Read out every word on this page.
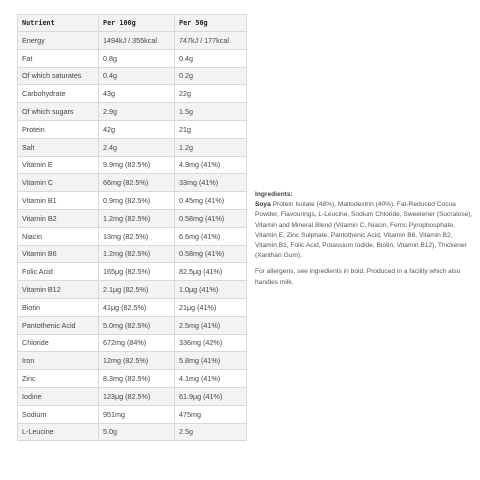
Nutrient	Per 100g	Per 50g
Energy	1494kJ / 355kcal	747kJ / 177kcal
Fat	0.8g	0.4g
Of which saturates	0.4g	0.2g
Carbohydrate	43g	22g
Of which sugars	2.9g	1.5g
Protein	42g	21g
Salt	2.4g	1.2g
Vitamin E	9.9mg (82.5%)	4.9mg (41%)
Vitamin C	66mg (82.5%)	33mg (41%)
Vitamin B1	0.9mg (82.5%)	0.45mg (41%)
Vitamin B2	1.2mg (82.5%)	0.58mg (41%)
Niacin	13mg (82.5%)	6.6mg (41%)
Vitamin B6	1.2mg (82.5%)	0.58mg (41%)
Folic Acid	165μg (82.5%)	82.5μg (41%)
Vitamin B12	2.1μg (82.5%)	1.0μg (41%)
Biotin	41μg (82.5%)	21μg (41%)
Pantothenic Acid	5.0mg (82.5%)	2.5mg (41%)
Chloride	672mg (84%)	336mg (42%)
Iron	12mg (82.5%)	5.8mg (41%)
Zinc	8.3mg (82.5%)	4.1mg (41%)
Iodine	123μg (82.5%)	61.9μg (41%)
Sodium	951mg	475mg
L-Leucine	5.0g	2.5g

Ingredients:
Soya Protein Isolate (48%), Maltodextrin (40%), Fat-Reduced Cocoa Powder, Flavourings, L-Leucine, Sodium Chloride, Sweetener (Sucralose), Vitamin and Mineral Blend (Vitamin C, Niacin, Ferric Pyrophosphate, Vitamin E, Zinc Sulphate, Pantothenic Acid, Vitamin B6, Vitamin B2, Vitamin B1, Folic Acid, Potassium Iodide, Biotin, Vitamin B12), Thickener (Xanthan Gum).

For allergens, see ingredients in bold. Produced in a facility which also handles milk.
